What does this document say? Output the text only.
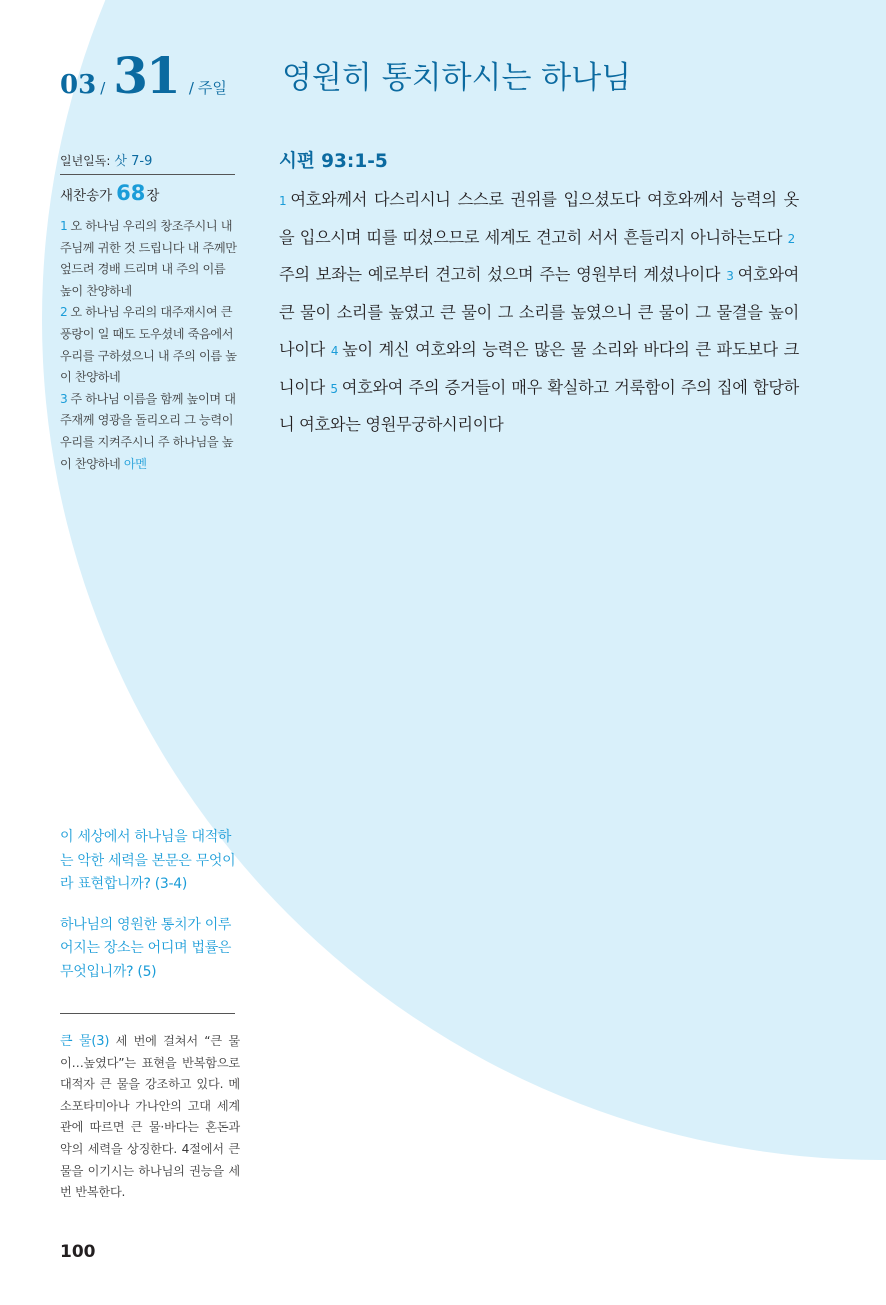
03 / 31 / 주일 영원히 통치하시는 하나님
일년일독: 삿 7-9
새찬송가 68 장
1 오 하나님 우리의 창조주시니 내 주님께 귀한 것 드립니다 내 주께만 엎드려 경배 드리며 내 주의 이름 높이 찬양하네
2 오 하나님 우리의 대주재시여 큰 풍랑이 일 때도 도우셨네 죽음에서 우리를 구하셨으니 내 주의 이름 높이 찬양하네
3 주 하나님 이름을 함께 높이며 대주재께 영광을 돌리오리 그 능력이 우리를 지켜주시니 주 하나님을 높이 찬양하네 아멘

이 세상에서 하나님을 대적하는 악한 세력을 본문은 무엇이라 표현합니까? (3-4)

하나님의 영원한 통치가 이루어지는 장소는 어디며 법률은 무엇입니까? (5)

큰 물(3) 세 번에 걸쳐서 “큰 물이…높였다”는 표현을 반복함으로 대적자 큰 물을 강조하고 있다. 메소포타미아나 가나안의 고대 세계관에 따르면 큰 물·바다는 혼돈과 악의 세력을 상징한다. 4절에서 큰 물을 이기시는 하나님의 권능을 세 번 반복한다.
100
시편 93:1-5
1 여호와께서 다스리시니 스스로 권위를 입으셨도다 여호와께서 능력의 옷을 입으시며 띠를 띠셨으므로 세계도 견고히 서서 흔들리지 아니하는도다 2주의 보좌는 예로부터 견고히 섰으며 주는 영원부터 계셨나이다 3 여호와여 큰 물이 소리를 높였고 큰 물이 그 소리를 높였으니 큰 물이 그 물결을 높이나이다 4 높이 계신 여호와의 능력은 많은 물 소리와 바다의 큰 파도보다 크니이다 5 여호와여 주의 증거들이 매우 확실하고 거룩함이 주의 집에 합당하니 여호와는 영원무궁하시리이다
